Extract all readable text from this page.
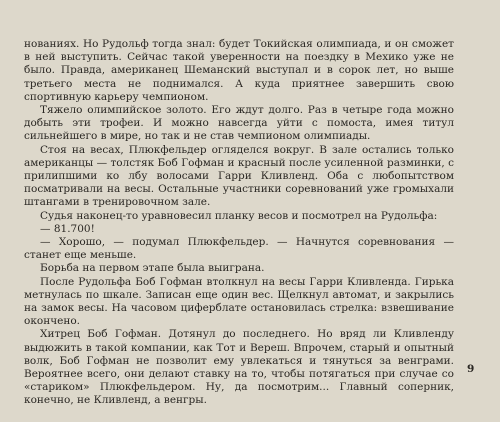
нованиях. Но Рудольф тогда знал: будет Токийская олимпиада, и он сможет в ней выступить. Сейчас такой уверенности на поездку в Мехико уже не было. Правда, американец Шеманский выступал и в сорок лет, но выше третьего места не поднимался. А куда приятнее завершить свою спортивную карьеру чемпионом.

Тяжело олимпийское золото. Его ждут долго. Раз в четыре года можно добыть эти трофеи. И можно навсегда уйти с помоста, имея титул сильнейшего в мире, но так и не став чемпионом олимпиады.

Стоя на весах, Плюкфельдер огляделся вокруг. В зале остались только американцы — толстяк Боб Гофман и красный после усиленной разминки, с прилипшими ко лбу волосами Гарри Кливленд. Оба с любопытством посматривали на весы. Остальные участники соревнований уже громыхали штангами в тренировочном зале.

Судья наконец-то уравновесил планку весов и посмотрел на Рудольфа:

— 81.700!

— Хорошо, — подумал Плюкфельдер. — Начнутся соревнования — станет еще меньше.

Борьба на первом этапе была выиграна.

После Рудольфа Боб Гофман втолкнул на весы Гарри Кливленда. Гирька метнулась по шкале. Записан еще один вес. Щелкнул автомат, и закрылись на замок весы. На часовом циферблате остановилась стрелка: взвешивание окончено.

Хитрец Боб Гофман. Дотянул до последнего. Но вряд ли Кливленду выдюжить в такой компании, как Тот и Вереш. Впрочем, старый и опытный волк, Боб Гофман не позволит ему увлекаться и тянуться за венграми. Вероятнее всего, они делают ставку на то, чтобы потягаться при случае со «стариком» Плюкфельдером. Ну, да посмотрим... Главный соперник, конечно, не Кливленд, а венгры.

9
